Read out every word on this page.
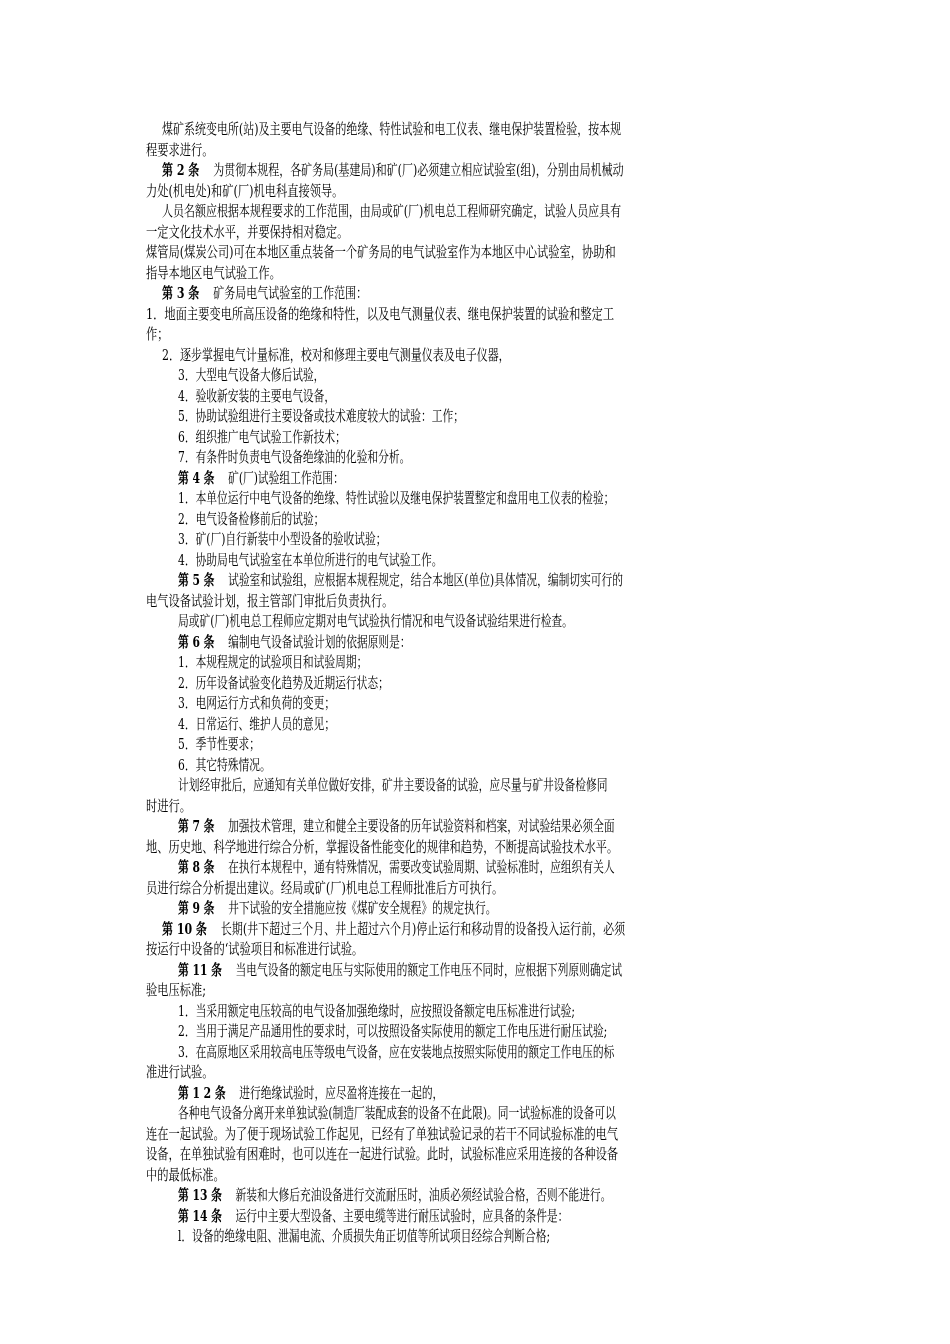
煤矿系统变电所(站)及主要电气设备的绝缘、特性试验和电工仪表、继电保护装置检验，按本规
程要求进行。
第 2 条 为贯彻本规程，各矿务局(基建局)和矿(厂)必须建立相应试验室(组)，分别由局机械动
力处(机电处)和矿(厂)机电科直接领导。
人员名额应根据本规程要求的工作范围，由局或矿(厂)机电总工程师研究确定，试验人员应具有
一定文化技术水平，并要保持相对稳定。
煤管局(煤炭公司)可在本地区重点装备一个矿务局的电气试验室作为本地区中心试验室，协助和
指导本地区电气试验工作。
第 3 条 矿务局电气试验室的工作范围：
1．地面主要变电所高压设备的绝缘和特性，以及电气测量仪表、继电保护装置的试验和整定工
作；
2．逐步掌握电气计量标准，校对和修理主要电气测量仪表及电子仪器，
3．大型电气设备大修后试验，
4．验收新安装的主要电气设备，
5．协助试验组进行主要设备或技术难度较大的试验：工作；
6．组织推广电气试验工作新技术；
7．有条件时负责电气设备绝缘油的化验和分析。
第 4 条 矿(厂)试验组工作范围：
1．本单位运行中电气设备的绝缘、特性试验以及继电保护装置整定和盘用电工仪表的检验；
2．电气设备检修前后的试验；
3．矿(厂)自行新装中小型设备的验收试验；
4．协助局电气试验室在本单位所进行的电气试验工作。
第 5 条 试验室和试验组，应根据本规程规定，结合本地区(单位)具体情况，编制切实可行的
电气设备试验计划，报主管部门审批后负责执行。
局或矿(厂)机电总工程师应定期对电气试验执行情况和电气设备试验结果进行检查。
第 6 条 编制电气设备试验计划的依据原则是：
1．本规程规定的试验项目和试验周期；
2．历年设备试验变化趋势及近期运行状态；
3．电网运行方式和负荷的变更；
4．日常运行、维护人员的意见；
5．季节性要求；
6．其它特殊情况。
计划经审批后，应通知有关单位做好安排，矿井主要设备的试验，应尽量与矿井设备检修同
时进行。
第 7 条 加强技术管理，建立和健全主要设备的历年试验资料和档案，对试验结果必须全面
地、历史地、科学地进行综合分析，掌握设备性能变化的规律和趋势，不断提高试验技术水平。
第 8 条 在执行本规程中，通有特殊情况，需要改变试验周期、试验标准时，应组织有关人
员进行综合分析提出建议。经局或矿(厂)机电总工程师批准后方可执行。
第 9 条 井下试验的安全措施应按《煤矿安全规程》的规定执行。
第 10 条 长期(井下超过三个月、井上超过六个月)停止运行和移动胃的设备投入运行前，必须
按运行中设备的‘试验项目和标准进行试验。
第 11 条 当电气设备的额定电压与实际使用的额定工作电压不同时，应根据下列原则确定试
验电压标准;
1．当采用额定电压较高的电气设备加强绝缘时，应按照设备额定电压标准进行试验;
2．当用于满足产品通用性的要求时，可以按照设备实际使用的额定工作电压进行耐压试验;
3．在高原地区采用较高电压等级电气设备，应在安装地点按照实际使用的额定工作电压的标
准进行试验。
第 1 2 条 进行绝缘试验时，应尽盈将连接在一起的，
各种电气设备分离开来单独试验(制造厂装配成套的设备不在此限)。同一试验标准的设备可以
连在一起试验。为了便于现场试验工作起见，已经有了单独试验记录的若干不同试验标准的电气
设备，在单独试验有困难时，也可以连在一起进行试验。此时，试验标准应采用连接的各种设备
中的最低标准。
第 13 条 新装和大修后充油设备进行交流耐压时，油质必须经试验合格，否则不能进行。
第 14 条 运行中主要大型设备、主要电缆等进行耐压试验时，应具备的条件是：
l．设备的绝缘电阻、泄漏电流、介质损失角正切值等所试项目经综合判断合格;
